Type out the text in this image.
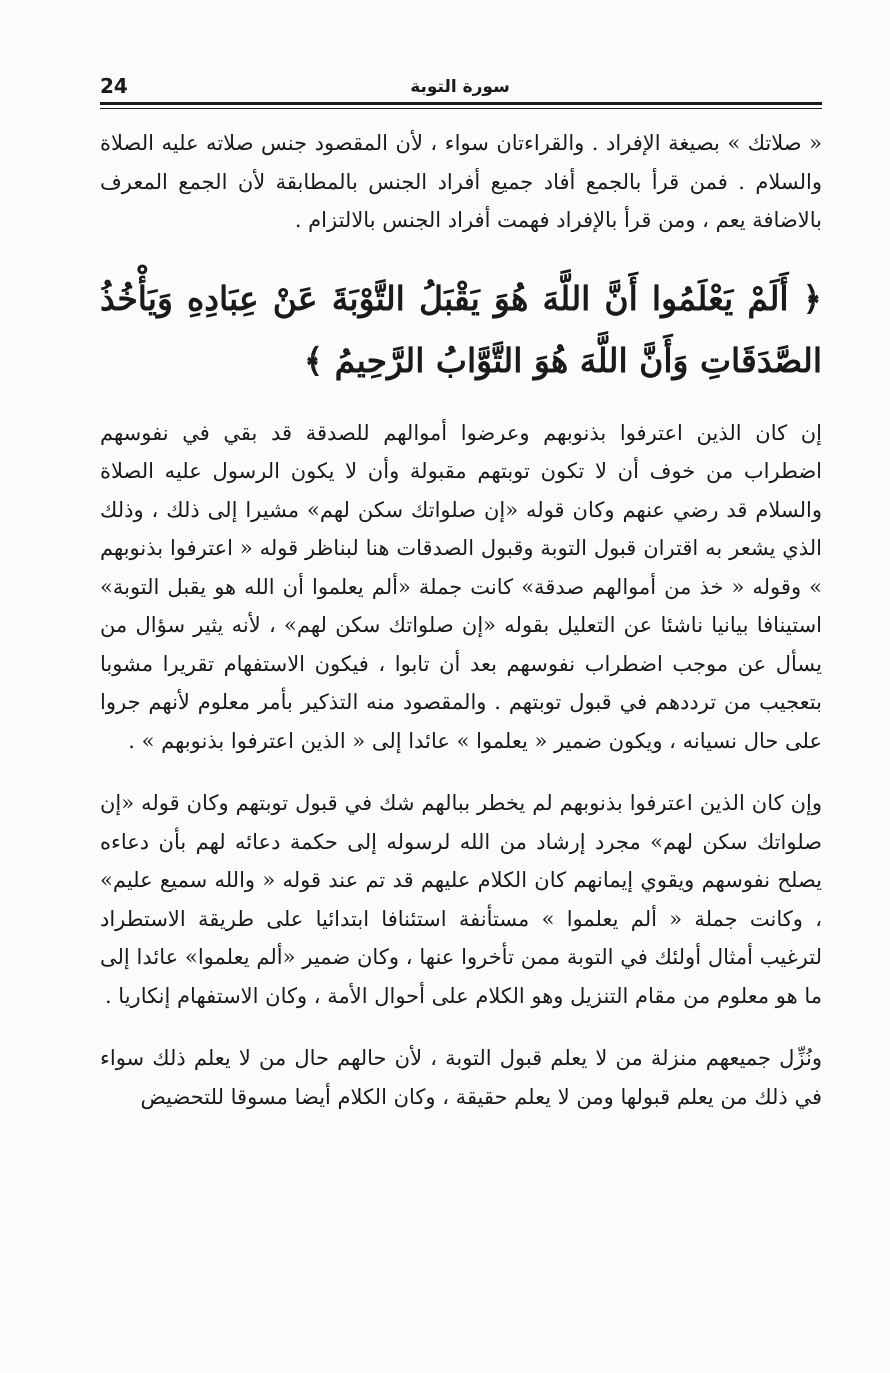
24	سورة التوبة

« صلاتك » بصيغة الإفراد . والقراءتان سواء ، لأن المقصود جنس صلاته عليه الصلاة والسلام . فمن قرأ بالجمع أفاد جميع أفراد الجنس بالمطابقة لأن الجمع المعرف بالاضافة يعم ، ومن قرأ بالإفراد فهمت أفراد الجنس بالالتزام .

﴿ أَلَمْ يَعْلَمُوا أَنَّ اللَّهَ هُوَ يَقْبَلُ التَّوْبَةَ عَنْ عِبَادِهِ وَيَأْخُذُ الصَّدَقَاتِ وَأَنَّ اللَّهَ هُوَ التَّوَّابُ الرَّحِيمُ ﴾

إن كان الذين اعترفوا بذنوبهم وعرضوا أموالهم للصدقة قد بقي في نفوسهم اضطراب من خوف أن لا تكون توبتهم مقبولة وأن لا يكون الرسول عليه الصلاة والسلام قد رضي عنهم وكان قوله «إن صلواتك سكن لهم» مشيرا إلى ذلك ، وذلك الذي يشعر به اقتران قبول التوبة وقبول الصدقات هنا لبناظر قوله « اعترفوا بذنوبهم » وقوله « خذ من أموالهم صدقة» كانت جملة «ألم يعلموا أن الله هو يقبل التوبة» استينافا بيانيا ناشئا عن التعليل بقوله «إن صلواتك سكن لهم» ، لأنه يثير سؤال من يسأل عن موجب اضطراب نفوسهم بعد أن تابوا ، فيكون الاستفهام تقريرا مشوبا بتعجيب من ترددهم في قبول توبتهم . والمقصود منه التذكير بأمر معلوم لأنهم جروا على حال نسيانه ، ويكون ضمير « يعلموا » عائدا إلى « الذين اعترفوا بذنوبهم » .

وإن كان الذين اعترفوا بذنوبهم لم يخطر ببالهم شك في قبول توبتهم وكان قوله «إن صلواتك سكن لهم» مجرد إرشاد من الله لرسوله إلى حكمة دعائه لهم بأن دعاءه يصلح نفوسهم ويقوي إيمانهم كان الكلام عليهم قد تم عند قوله « والله سميع عليم» ، وكانت جملة « ألم يعلموا » مستأنفة استئنافا ابتدائيا على طريقة الاستطراد لترغيب أمثال أولئك في التوبة ممن تأخروا عنها ، وكان ضمير «ألم يعلموا» عائدا إلى ما هو معلوم من مقام التنزيل وهو الكلام على أحوال الأمة ، وكان الاستفهام إنكاريا .

ونُزِّل جميعهم منزلة من لا يعلم قبول التوبة ، لأن حالهم حال من لا يعلم ذلك سواء في ذلك من يعلم قبولها ومن لا يعلم حقيقة ، وكان الكلام أيضا مسوقا للتحضيض
